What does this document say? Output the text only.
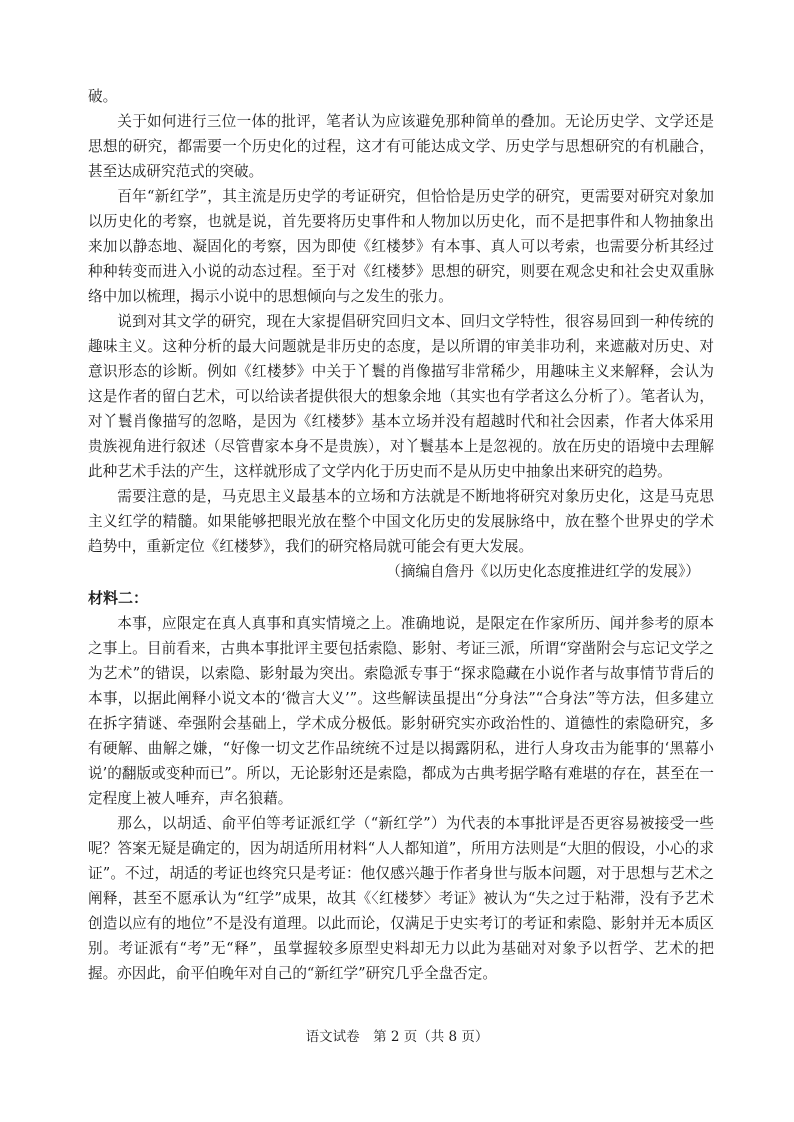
破。

关于如何进行三位一体的批评，笔者认为应该避免那种简单的叠加。无论历史学、文学还是思想的研究，都需要一个历史化的过程，这才有可能达成文学、历史学与思想研究的有机融合，甚至达成研究范式的突破。

百年“新红学”，其主流是历史学的考证研究，但恰恰是历史学的研究，更需要对研究对象加以历史化的考察，也就是说，首先要将历史事件和人物加以历史化，而不是把事件和人物抽象出来加以静态地、凝固化的考察，因为即使《红楼梦》有本事、真人可以考索，也需要分析其经过种种转变而进入小说的动态过程。至于对《红楼梦》思想的研究，则要在观念史和社会史双重脉络中加以梳理，揭示小说中的思想倾向与之发生的张力。

说到对其文学的研究，现在大家提倡研究回归文本、回归文学特性，很容易回到一种传统的趣味主义。这种分析的最大问题就是非历史的态度，是以所谓的审美非功利，来遮蔽对历史、对意识形态的诊断。例如《红楼梦》中关于丫鬟的肖像描写非常稀少，用趣味主义来解释，会认为这是作者的留白艺术，可以给读者提供很大的想象余地（其实也有学者这么分析了）。笔者认为，对丫鬟肖像描写的忽略，是因为《红楼梦》基本立场并没有超越时代和社会因素，作者大体采用贵族视角进行叙述（尽管曹家本身不是贵族），对丫鬟基本上是忽视的。放在历史的语境中去理解此种艺术手法的产生，这样就形成了文学内化于历史而不是从历史中抽象出来研究的趋势。

需要注意的是，马克思主义最基本的立场和方法就是不断地将研究对象历史化，这是马克思主义红学的精髓。如果能够把眼光放在整个中国文化历史的发展脉络中，放在整个世界史的学术趋势中，重新定位《红楼梦》，我们的研究格局就可能会有更大发展。

（摘编自詹丹《以历史化态度推进红学的发展》）

材料二：

本事，应限定在真人真事和真实情境之上。准确地说，是限定在作家所历、闻并参考的原本之事上。目前看来，古典本事批评主要包括索隐、影射、考证三派，所谓“穿凿附会与忘记文学之为艺术”的错误，以索隐、影射最为突出。索隐派专事于“探求隐藏在小说作者与故事情节背后的本事，以据此阐释小说文本的‘微言大义’”。这些解读虽提出“分身法”“合身法”等方法，但多建立在拆字猜谜、牵强附会基础上，学术成分极低。影射研究实亦政治性的、道德性的索隐研究，多有硬解、曲解之嫌，“好像一切文艺作品统统不过是以揭露阴私，进行人身攻击为能事的‘黑幕小说’的翻版或变种而已”。所以，无论影射还是索隐，都成为古典考据学略有难堪的存在，甚至在一定程度上被人唾弃，声名狼藉。

那么，以胡适、俞平伯等考证派红学（“新红学”）为代表的本事批评是否更容易被接受一些呢？答案无疑是确定的，因为胡适所用材料“人人都知道”，所用方法则是“大胆的假设，小心的求证”。不过，胡适的考证也终究只是考证：他仅感兴趣于作者身世与版本问题，对于思想与艺术之阐释，甚至不愿承认为“红学”成果，故其《〈红楼梦〉考证》被认为“失之过于粘滞，没有予艺术创造以应有的地位”不是没有道理。以此而论，仅满足于史实考订的考证和索隐、影射并无本质区别。考证派有“考”无“释”，虽掌握较多原型史料却无力以此为基础对对象予以哲学、艺术的把握。亦因此，俞平伯晚年对自己的“新红学”研究几乎全盘否定。

语文试卷　第 2 页（共 8 页）
